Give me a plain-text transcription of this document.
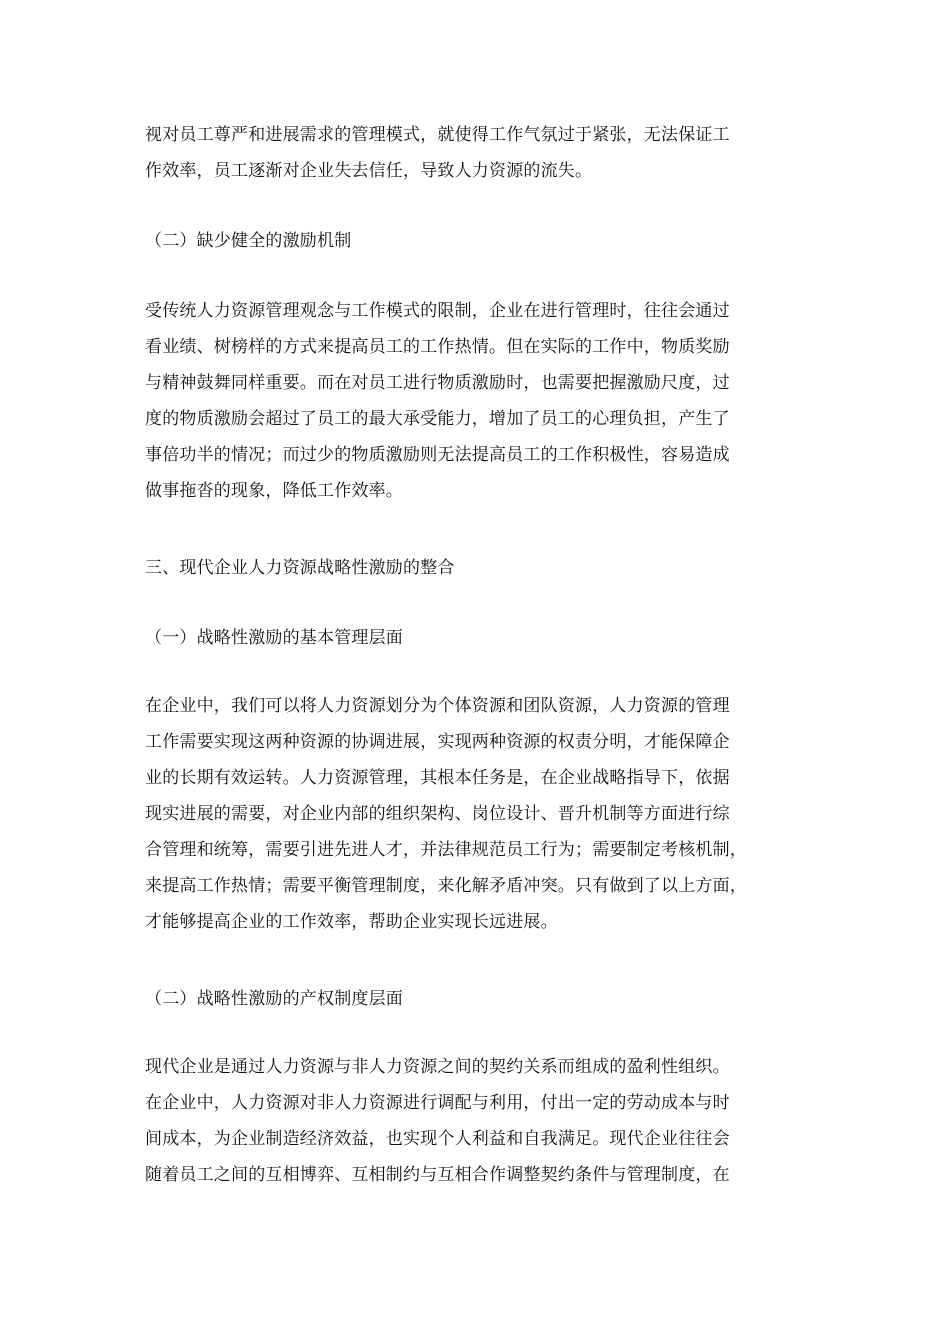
视对员工尊严和进展需求的管理模式，就使得工作气氛过于紧张，无法保证工
作效率，员工逐渐对企业失去信任，导致人力资源的流失。
（二）缺少健全的激励机制
受传统人力资源管理观念与工作模式的限制，企业在进行管理时，往往会通过
看业绩、树榜样的方式来提高员工的工作热情。但在实际的工作中，物质奖励
与精神鼓舞同样重要。而在对员工进行物质激励时，也需要把握激励尺度，过
度的物质激励会超过了员工的最大承受能力，增加了员工的心理负担，产生了
事倍功半的情况；而过少的物质激励则无法提高员工的工作积极性，容易造成
做事拖沓的现象，降低工作效率。
三、现代企业人力资源战略性激励的整合
（一）战略性激励的基本管理层面
在企业中，我们可以将人力资源划分为个体资源和团队资源，人力资源的管理
工作需要实现这两种资源的协调进展，实现两种资源的权责分明，才能保障企
业的长期有效运转。人力资源管理，其根本任务是，在企业战略指导下，依据
现实进展的需要，对企业内部的组织架构、岗位设计、晋升机制等方面进行综
合管理和统筹，需要引进先进人才，并法律规范员工行为；需要制定考核机制，
来提高工作热情；需要平衡管理制度，来化解矛盾冲突。只有做到了以上方面，
才能够提高企业的工作效率，帮助企业实现长远进展。
（二）战略性激励的产权制度层面
现代企业是通过人力资源与非人力资源之间的契约关系而组成的盈利性组织。
在企业中，人力资源对非人力资源进行调配与利用，付出一定的劳动成本与时
间成本，为企业制造经济效益，也实现个人利益和自我满足。现代企业往往会
随着员工之间的互相博弈、互相制约与互相合作调整契约条件与管理制度，在
